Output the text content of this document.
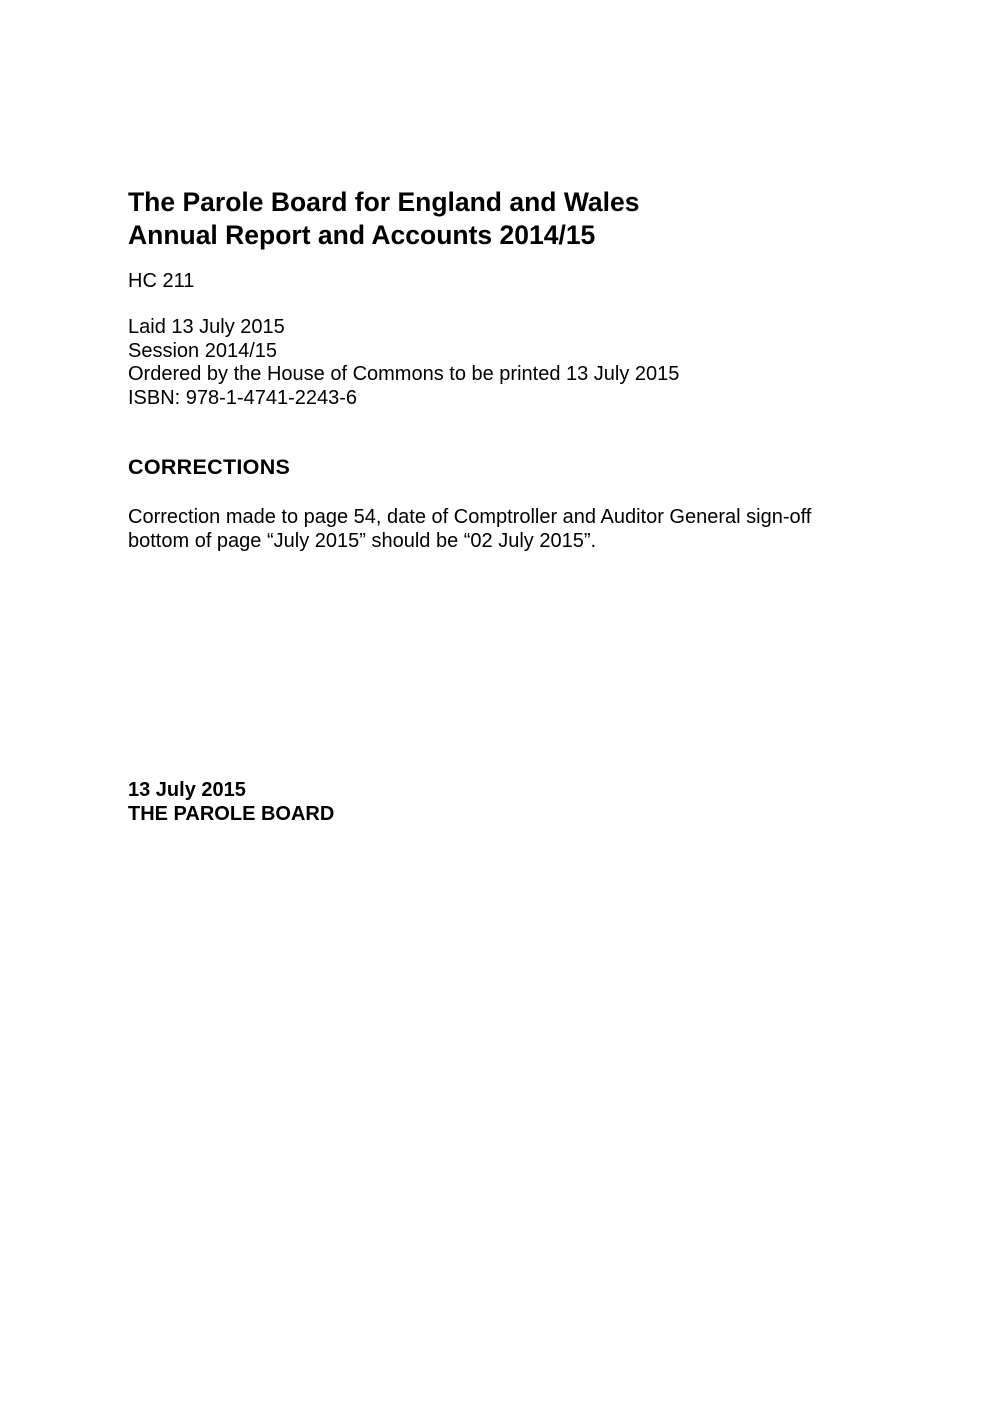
The Parole Board for England and Wales
Annual Report and Accounts 2014/15
HC 211
Laid 13 July 2015
Session 2014/15
Ordered by the House of Commons to be printed 13 July 2015
ISBN: 978-1-4741-2243-6
CORRECTIONS

Correction made to page 54, date of Comptroller and Auditor General sign-off
bottom of page “July 2015” should be “02 July 2015”.

13 July 2015
THE PAROLE BOARD
